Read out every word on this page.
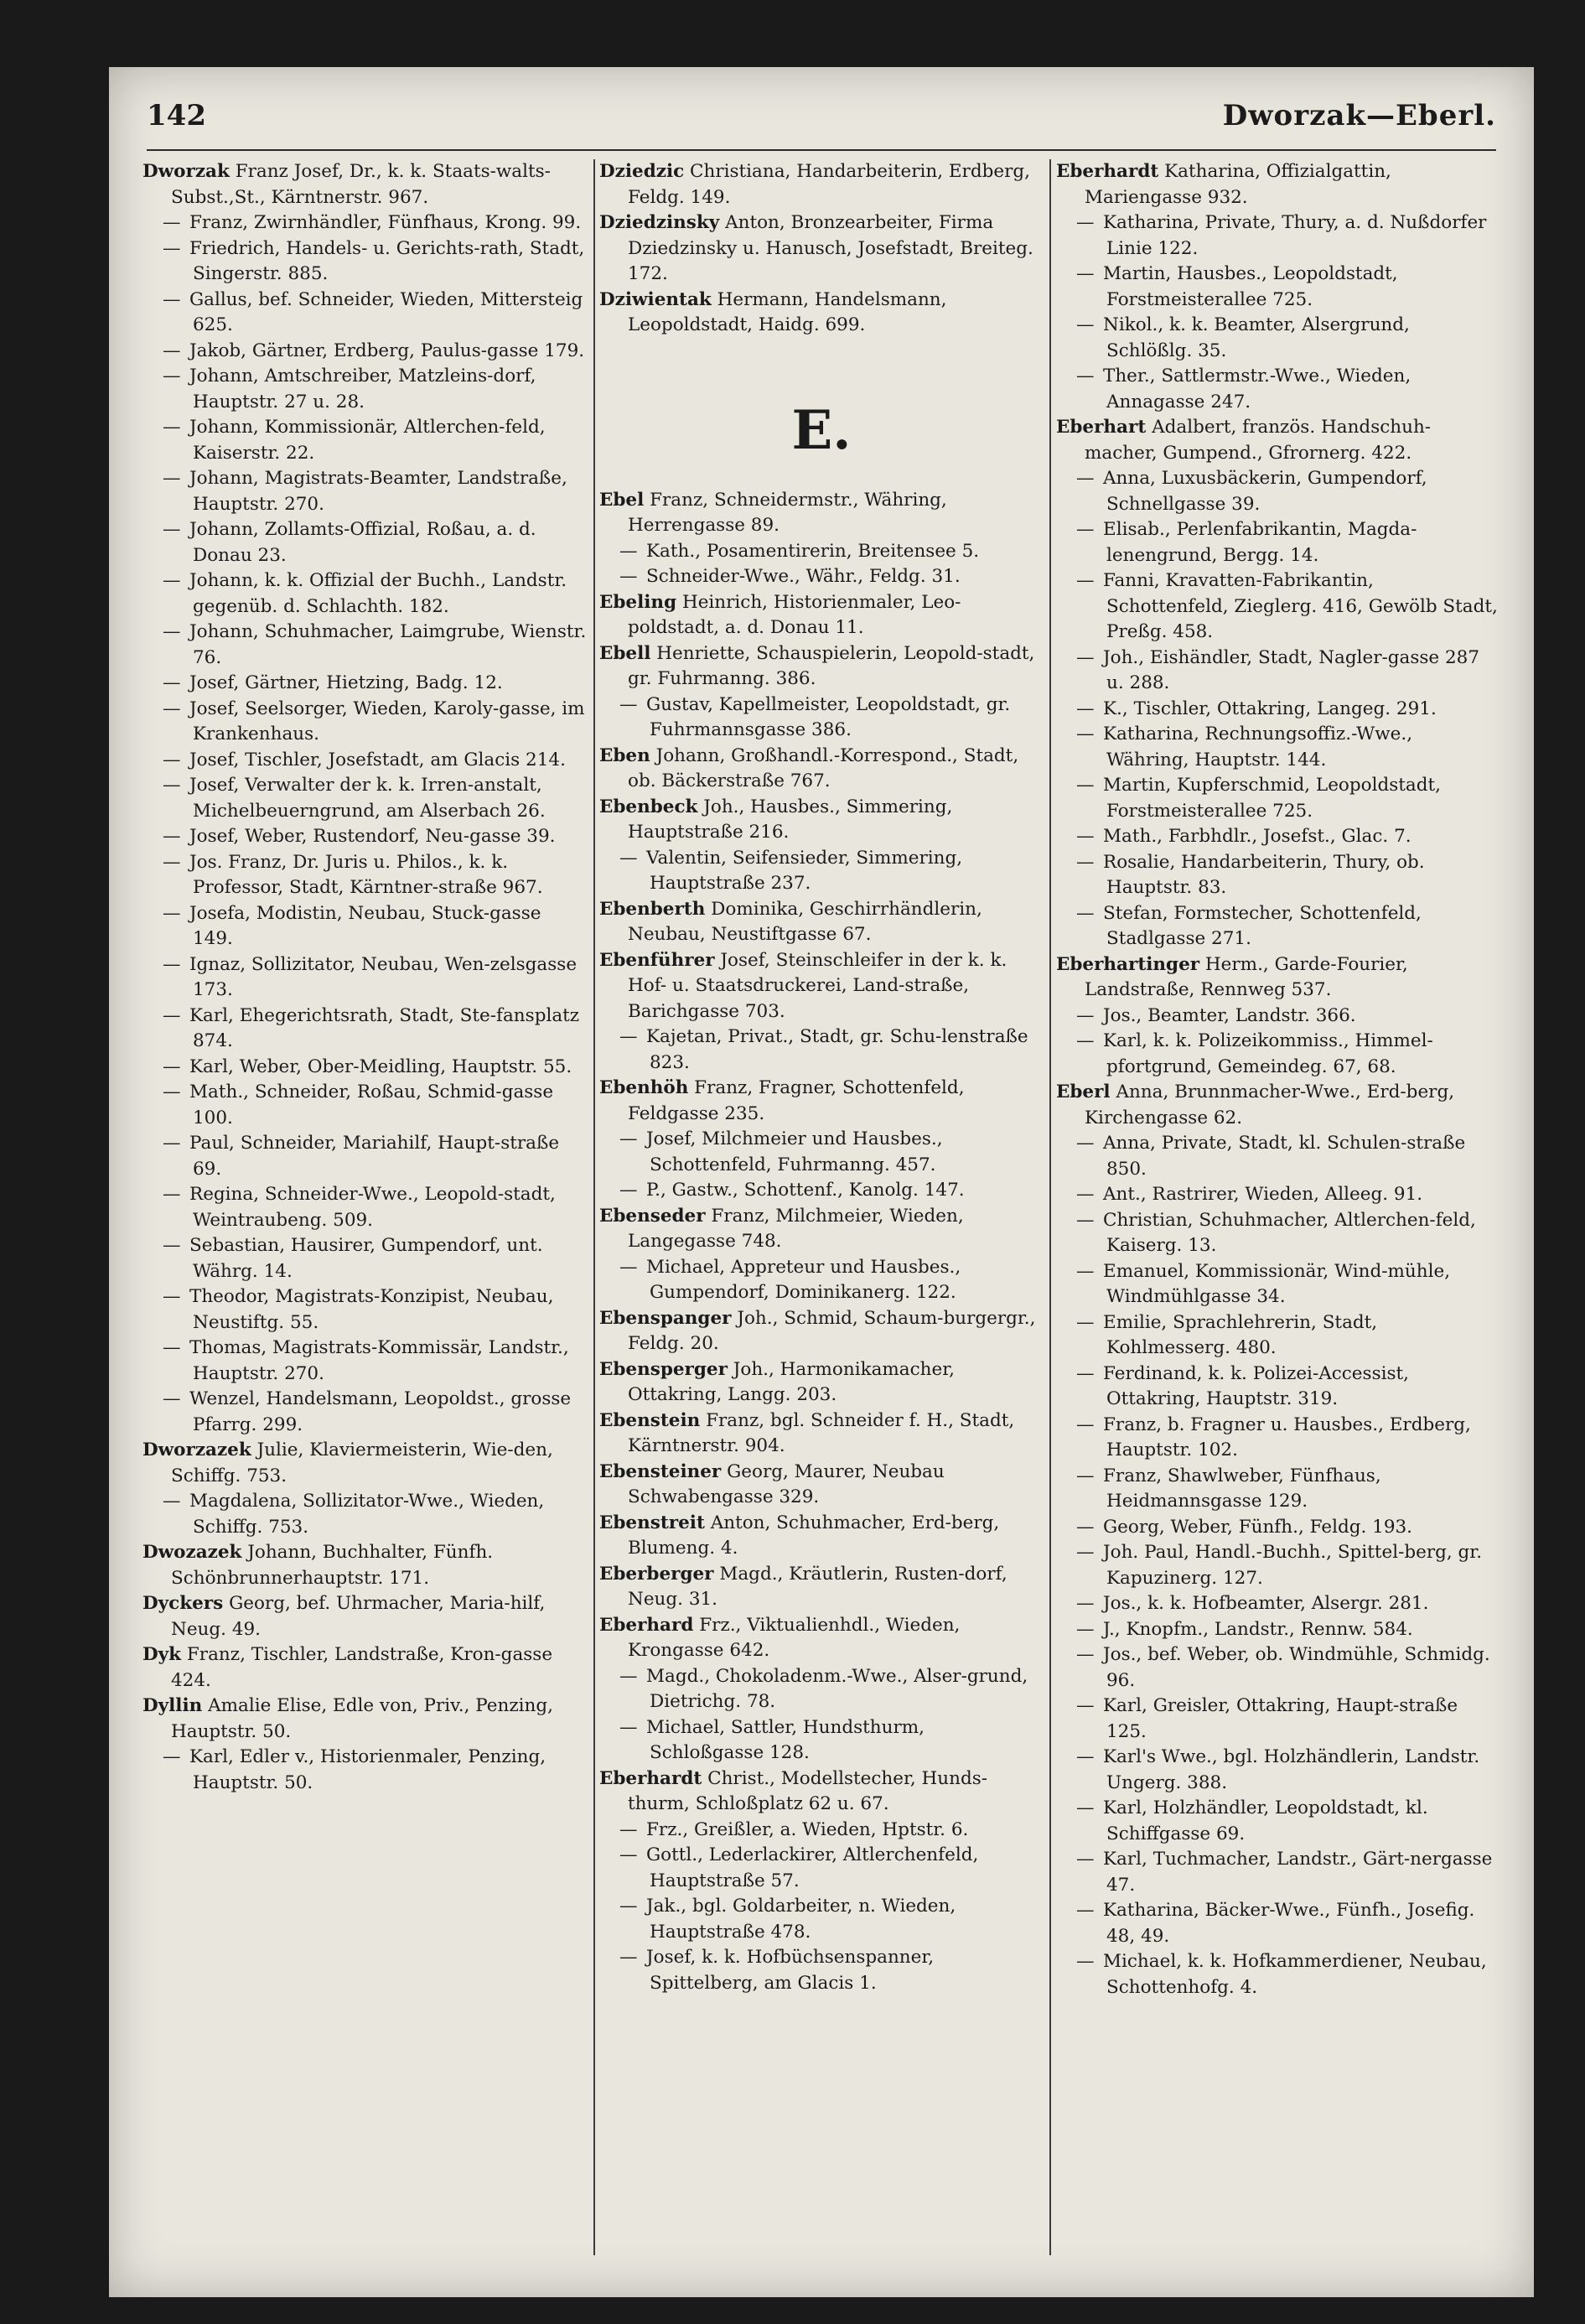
142	Dworzak—Eberl.

Dworzak Franz Josef, Dr., k. k. Staats-walts-Subst.,St., Kärntnerstr. 967.

— Franz, Zwirnhändler, Fünfhaus, Krong. 99.

— Friedrich, Handels- u. Gerichts-rath, Stadt, Singerstr. 885.

— Gallus, bef. Schneider, Wieden, Mittersteig 625.

— Jakob, Gärtner, Erdberg, Paulus-gasse 179.

— Johann, Amtschreiber, Matzleins-dorf, Hauptstr. 27 u. 28.

— Johann, Kommissionär, Altlerchen-feld, Kaiserstr. 22.

— Johann, Magistrats-Beamter, Landstraße, Hauptstr. 270.

— Johann, Zollamts-Offizial, Roßau, a. d. Donau 23.

— Johann, k. k. Offizial der Buchh., Landstr. gegenüb. d. Schlachth. 182.

— Johann, Schuhmacher, Laimgrube, Wienstr. 76.

— Josef, Gärtner, Hietzing, Badg. 12.

— Josef, Seelsorger, Wieden, Karoly-gasse, im Krankenhaus.

— Josef, Tischler, Josefstadt, am Glacis 214.

— Josef, Verwalter der k. k. Irren-anstalt, Michelbeuerngrund, am Alserbach 26.

— Josef, Weber, Rustendorf, Neu-gasse 39.

— Jos. Franz, Dr. Juris u. Philos., k. k. Professor, Stadt, Kärntner-straße 967.

— Josefa, Modistin, Neubau, Stuck-gasse 149.

— Ignaz, Sollizitator, Neubau, Wen-zelsgasse 173.

— Karl, Ehegerichtsrath, Stadt, Ste-fansplatz 874.

— Karl, Weber, Ober-Meidling, Hauptstr. 55.

— Math., Schneider, Roßau, Schmid-gasse 100.

— Paul, Schneider, Mariahilf, Haupt-straße 69.

— Regina, Schneider-Wwe., Leopold-stadt, Weintraubeng. 509.

— Sebastian, Hausirer, Gumpendorf, unt. Währg. 14.

— Theodor, Magistrats-Konzipist, Neubau, Neustiftg. 55.

— Thomas, Magistrats-Kommissär, Landstr., Hauptstr. 270.

— Wenzel, Handelsmann, Leopoldst., grosse Pfarrg. 299.

Dworzazek Julie, Klaviermeisterin, Wie-den, Schiffg. 753.

— Magdalena, Sollizitator-Wwe., Wieden, Schiffg. 753.

Dwozazek Johann, Buchhalter, Fünfh. Schönbrunnerhauptstr. 171.

Dyckers Georg, bef. Uhrmacher, Maria-hilf, Neug. 49.

Dyk Franz, Tischler, Landstraße, Kron-gasse 424.

Dyllin Amalie Elise, Edle von, Priv., Penzing, Hauptstr. 50.

— Karl, Edler v., Historienmaler, Penzing, Hauptstr. 50.

Dziedzic Christiana, Handarbeiterin, Erdberg, Feldg. 149.

Dziedzinsky Anton, Bronzearbeiter, Firma Dziedzinsky u. Hanusch, Josefstadt, Breiteg. 172.

Dziwientak Hermann, Handelsmann, Leopoldstadt, Haidg. 699.

E.

Ebel Franz, Schneidermstr., Währing, Herrengasse 89.

— Kath., Posamentirerin, Breitensee 5.

— Schneider-Wwe., Währ., Feldg. 31.

Ebeling Heinrich, Historienmaler, Leo-poldstadt, a. d. Donau 11.

Ebell Henriette, Schauspielerin, Leopold-stadt, gr. Fuhrmanng. 386.

— Gustav, Kapellmeister, Leopoldstadt, gr. Fuhrmannsgasse 386.

Eben Johann, Großhandl.-Korrespond., Stadt, ob. Bäckerstraße 767.

Ebenbeck Joh., Hausbes., Simmering, Hauptstraße 216.

— Valentin, Seifensieder, Simmering, Hauptstraße 237.

Ebenberth Dominika, Geschirrhändlerin, Neubau, Neustiftgasse 67.

Ebenführer Josef, Steinschleifer in der k. k. Hof- u. Staatsdruckerei, Land-straße, Barichgasse 703.

— Kajetan, Privat., Stadt, gr. Schu-lenstraße 823.

Ebenhöh Franz, Fragner, Schottenfeld, Feldgasse 235.

— Josef, Milchmeier und Hausbes., Schottenfeld, Fuhrmanng. 457.

— P., Gastw., Schottenf., Kanolg. 147.

Ebenseder Franz, Milchmeier, Wieden, Langegasse 748.

— Michael, Appreteur und Hausbes., Gumpendorf, Dominikanerg. 122.

Ebenspanger Joh., Schmid, Schaum-burgergr., Feldg. 20.

Ebensperger Joh., Harmonikamacher, Ottakring, Langg. 203.

Ebenstein Franz, bgl. Schneider f. H., Stadt, Kärntnerstr. 904.

Ebensteiner Georg, Maurer, Neubau Schwabengasse 329.

Ebenstreit Anton, Schuhmacher, Erd-berg, Blumeng. 4.

Eberberger Magd., Kräutlerin, Rusten-dorf, Neug. 31.

Eberhard Frz., Viktualienhdl., Wieden, Krongasse 642.

— Magd., Chokoladenm.-Wwe., Alser-grund, Dietrichg. 78.

— Michael, Sattler, Hundsthurm, Schloßgasse 128.

Eberhardt Christ., Modellstecher, Hunds-thurm, Schloßplatz 62 u. 67.

— Frz., Greißler, a. Wieden, Hptstr. 6.

— Gottl., Lederlackirer, Altlerchenfeld, Hauptstraße 57.

— Jak., bgl. Goldarbeiter, n. Wieden, Hauptstraße 478.

— Josef, k. k. Hofbüchsenspanner, Spittelberg, am Glacis 1.

Eberhardt Katharina, Offizialgattin, Mariengasse 932.

— Katharina, Private, Thury, a. d. Nußdorfer Linie 122.

— Martin, Hausbes., Leopoldstadt, Forstmeisterallee 725.

— Nikol., k. k. Beamter, Alsergrund, Schlößlg. 35.

— Ther., Sattlermstr.-Wwe., Wieden, Annagasse 247.

Eberhart Adalbert, französ. Handschuh-macher, Gumpend., Gfrornerg. 422.

— Anna, Luxusbäckerin, Gumpendorf, Schnellgasse 39.

— Elisab., Perlenfabrikantin, Magda-lenengrund, Bergg. 14.

— Fanni, Kravatten-Fabrikantin, Schottenfeld, Zieglerg. 416, Gewölb Stadt, Preßg. 458.

— Joh., Eishändler, Stadt, Nagler-gasse 287 u. 288.

— K., Tischler, Ottakring, Langeg. 291.

— Katharina, Rechnungsoffiz.-Wwe., Währing, Hauptstr. 144.

— Martin, Kupferschmid, Leopoldstadt, Forstmeisterallee 725.

— Math., Farbhdlr., Josefst., Glac. 7.

— Rosalie, Handarbeiterin, Thury, ob. Hauptstr. 83.

— Stefan, Formstecher, Schottenfeld, Stadlgasse 271.

Eberhartinger Herm., Garde-Fourier, Landstraße, Rennweg 537.

— Jos., Beamter, Landstr. 366.

— Karl, k. k. Polizeikommiss., Himmel-pfortgrund, Gemeindeg. 67, 68.

Eberl Anna, Brunnmacher-Wwe., Erd-berg, Kirchengasse 62.

— Anna, Private, Stadt, kl. Schulen-straße 850.

— Ant., Rastrirer, Wieden, Alleeg. 91.

— Christian, Schuhmacher, Altlerchen-feld, Kaiserg. 13.

— Emanuel, Kommissionär, Wind-mühle, Windmühlgasse 34.

— Emilie, Sprachlehrerin, Stadt, Kohlmesserg. 480.

— Ferdinand, k. k. Polizei-Accessist, Ottakring, Hauptstr. 319.

— Franz, b. Fragner u. Hausbes., Erdberg, Hauptstr. 102.

— Franz, Shawlweber, Fünfhaus, Heidmannsgasse 129.

— Georg, Weber, Fünfh., Feldg. 193.

— Joh. Paul, Handl.-Buchh., Spittel-berg, gr. Kapuzinerg. 127.

— Jos., k. k. Hofbeamter, Alsergr. 281.

— J., Knopfm., Landstr., Rennw. 584.

— Jos., bef. Weber, ob. Windmühle, Schmidg. 96.

— Karl, Greisler, Ottakring, Haupt-straße 125.

— Karl's Wwe., bgl. Holzhändlerin, Landstr. Ungerg. 388.

— Karl, Holzhändler, Leopoldstadt, kl. Schiffgasse 69.

— Karl, Tuchmacher, Landstr., Gärt-nergasse 47.

— Katharina, Bäcker-Wwe., Fünfh., Josefig. 48, 49.

— Michael, k. k. Hofkammerdiener, Neubau, Schottenhofg. 4.
